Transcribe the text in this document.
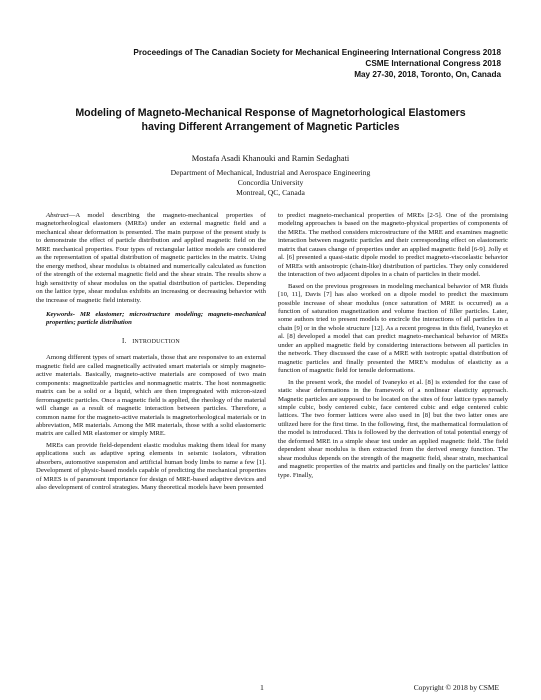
Proceedings of The Canadian Society for Mechanical Engineering International Congress 2018
CSME International Congress 2018
May 27-30, 2018, Toronto, On, Canada
Modeling of Magneto-Mechanical Response of Magnetorhological Elastomers
having Different Arrangement of Magnetic Particles
Mostafa Asadi Khanouki and Ramin Sedaghati
Department of Mechanical, Industrial and Aerospace Engineering
Concordia University
Montreal, QC, Canada

Abstract—A model describing the magneto-mechanical properties of magnetorheological elastomers (MREs) under an external magnetic field and a mechanical shear deformation is presented. The main purpose of the present study is to demonstrate the effect of particle distribution and applied magnetic field on the MRE mechanical properties. Four types of rectangular lattice models are considered as the representation of spatial distribution of magnetic particles in the matrix. Using the energy method, shear modulus is obtained and numerically calculated as function of the strength of the external magnetic field and the shear strain. The results show a high sensitivity of shear modulus on the spatial distribution of particles. Depending on the lattice type, shear modulus exhibits an increasing or decreasing behavior with the increase of magnetic field intensity.

Keywords- MR elastomer; microstructure modeling; magneto-mechanical properties; particle distribution
I. INTRODUCTION

Among different types of smart materials, those that are responsive to an external magnetic field are called magnetically activated smart materials or simply magneto-active materials. Basically, magneto-active materials are composed of two main components: magnetizable particles and nonmagnetic matrix. The host nonmagnetic matrix can be a solid or a liquid, which are then impregnated with micron-sized ferromagnetic particles. Once a magnetic field is applied, the rheology of the material will change as a result of magnetic interaction between particles. Therefore, a common name for the magneto-active materials is magnetorheological materials or in abbreviation, MR materials. Among the MR materials, those with a solid elastomeric matrix are called MR elastomer or simply MRE.

MREs can provide field-dependent elastic modulus making them ideal for many applications such as adaptive spring elements in seismic isolators, vibration absorbers, automotive suspension and artificial human body limbs to name a few [1]. Development of physic-based models capable of predicting the mechanical properties of MRES is of paramount importance for design of MRE-based adaptive devices and also development of control strategies. Many theoretical models have been presented

to predict magneto-mechanical properties of MREs [2-5]. One of the promising modeling approaches is based on the magneto-physical properties of components of the MREs. The method considers microstructure of the MRE and examines magnetic interaction between magnetic particles and their corresponding effect on elastomeric matrix that causes change of properties under an applied magnetic field [6-9]. Jolly et al. [6] presented a quasi-static dipole model to predict magneto-viscoelastic behavior of MREs with anisotropic (chain-like) distribution of particles. They only considered the interaction of two adjacent dipoles in a chain of particles in their model.

Based on the previous progresses in modeling mechanical behavior of MR fluids [10, 11], Davis [7] has also worked on a dipole model to predict the maximum possible increase of shear modulus (once saturation of MRE is occurred) as a function of saturation magnetization and volume fraction of filler particles. Later, some authors tried to present models to encircle the interactions of all particles in a chain [9] or in the whole structure [12]. As a recent progress in this field, Ivaneyko et al. [8] developed a model that can predict magneto-mechanical behavior of MREs under an applied magnetic field by considering interactions between all particles in the network. They discussed the case of a MRE with isotropic spatial distribution of magnetic particles and finally presented the MRE’s modulus of elasticity as a function of magnetic field for tensile deformations.

In the present work, the model of Ivaneyko et al. [8] is extended for the case of static shear deformations in the framework of a nonlinear elasticity approach. Magnetic particles are supposed to be located on the sites of four lattice types namely simple cubic, body centered cubic, face centered cubic and edge centered cubic lattices. The two former lattices were also used in [8] but the two latter ones are utilized here for the first time. In the following, first, the mathematical formulation of the model is introduced. This is followed by the derivation of total potential energy of the deformed MRE in a simple shear test under an applied magnetic field. The field dependent shear modulus is then extracted from the derived energy function. The shear modulus depends on the strength of the magnetic field, shear strain, mechanical and magnetic properties of the matrix and particles and finally on the particles' lattice type. Finally,

1	Copyright © 2018 by CSME
